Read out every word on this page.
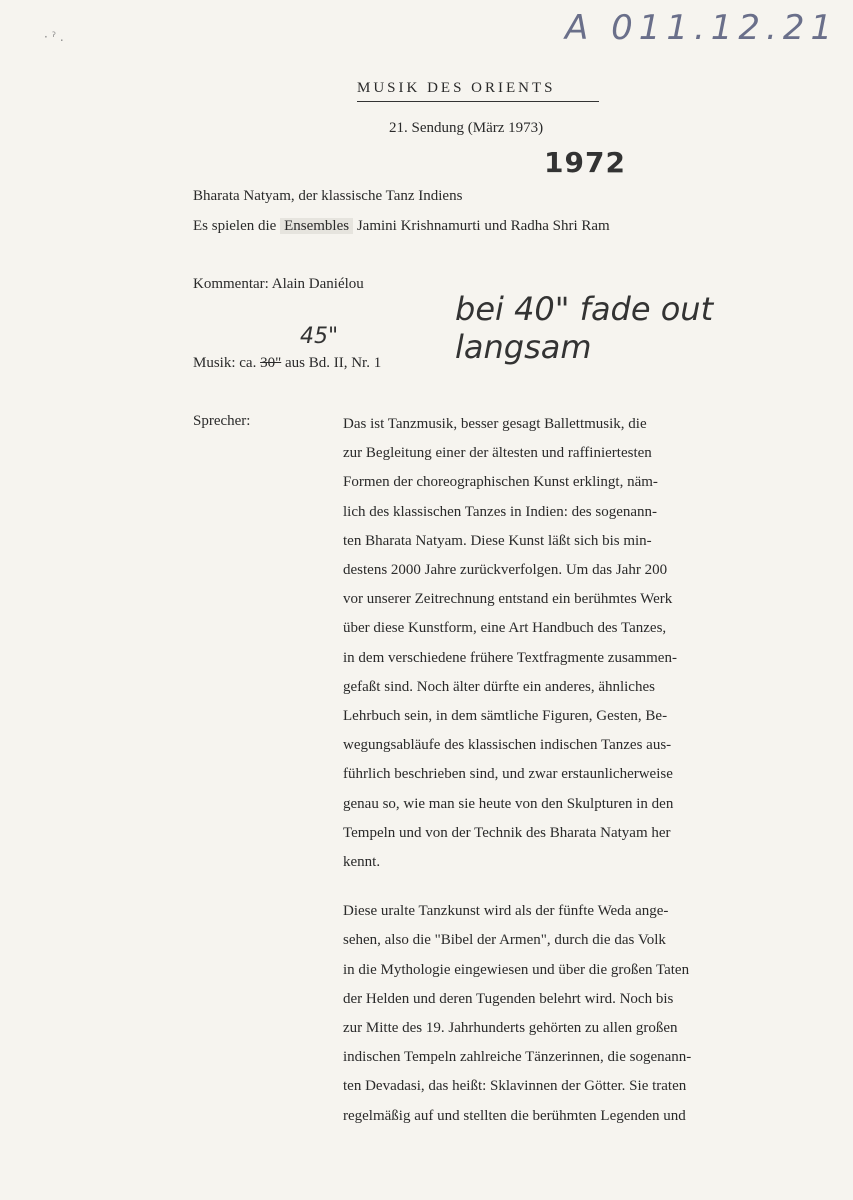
· ˀ .	A 011.12.21
MUSIK DES ORIENTS
21. Sendung (März 1973)
1972
Bharata Natyam, der klassische Tanz Indiens
Es spielen die Ensembles Jamini Krishnamurti und Radha Shri Ram
Kommentar: Alain Daniélou
bei 40" fade out langsam
45"
Musik: ca. 30" aus Bd. II, Nr. 1
Sprecher:	Das ist Tanzmusik, besser gesagt Ballettmusik, die

zur Begleitung einer der ältesten und raffiniertesten

Formen der choreographischen Kunst erklingt, näm-

lich des klassischen Tanzes in Indien: des sogenann-

ten Bharata Natyam. Diese Kunst läßt sich bis min-

destens 2000 Jahre zurückverfolgen. Um das Jahr 200

vor unserer Zeitrechnung entstand ein berühmtes Werk

über diese Kunstform, eine Art Handbuch des Tanzes,

in dem verschiedene frühere Textfragmente zusammen-

gefaßt sind. Noch älter dürfte ein anderes, ähnliches

Lehrbuch sein, in dem sämtliche Figuren, Gesten, Be-

wegungsabläufe des klassischen indischen Tanzes aus-

führlich beschrieben sind, und zwar erstaunlicherweise

genau so, wie man sie heute von den Skulpturen in den

Tempeln und von der Technik des Bharata Natyam her

kennt.

Diese uralte Tanzkunst wird als der fünfte Weda ange-

sehen, also die "Bibel der Armen", durch die das Volk

in die Mythologie eingewiesen und über die großen Taten

der Helden und deren Tugenden belehrt wird. Noch bis

zur Mitte des 19. Jahrhunderts gehörten zu allen großen

indischen Tempeln zahlreiche Tänzerinnen, die sogenann-

ten Devadasi, das heißt: Sklavinnen der Götter. Sie traten

regelmäßig auf und stellten die berühmten Legenden und
